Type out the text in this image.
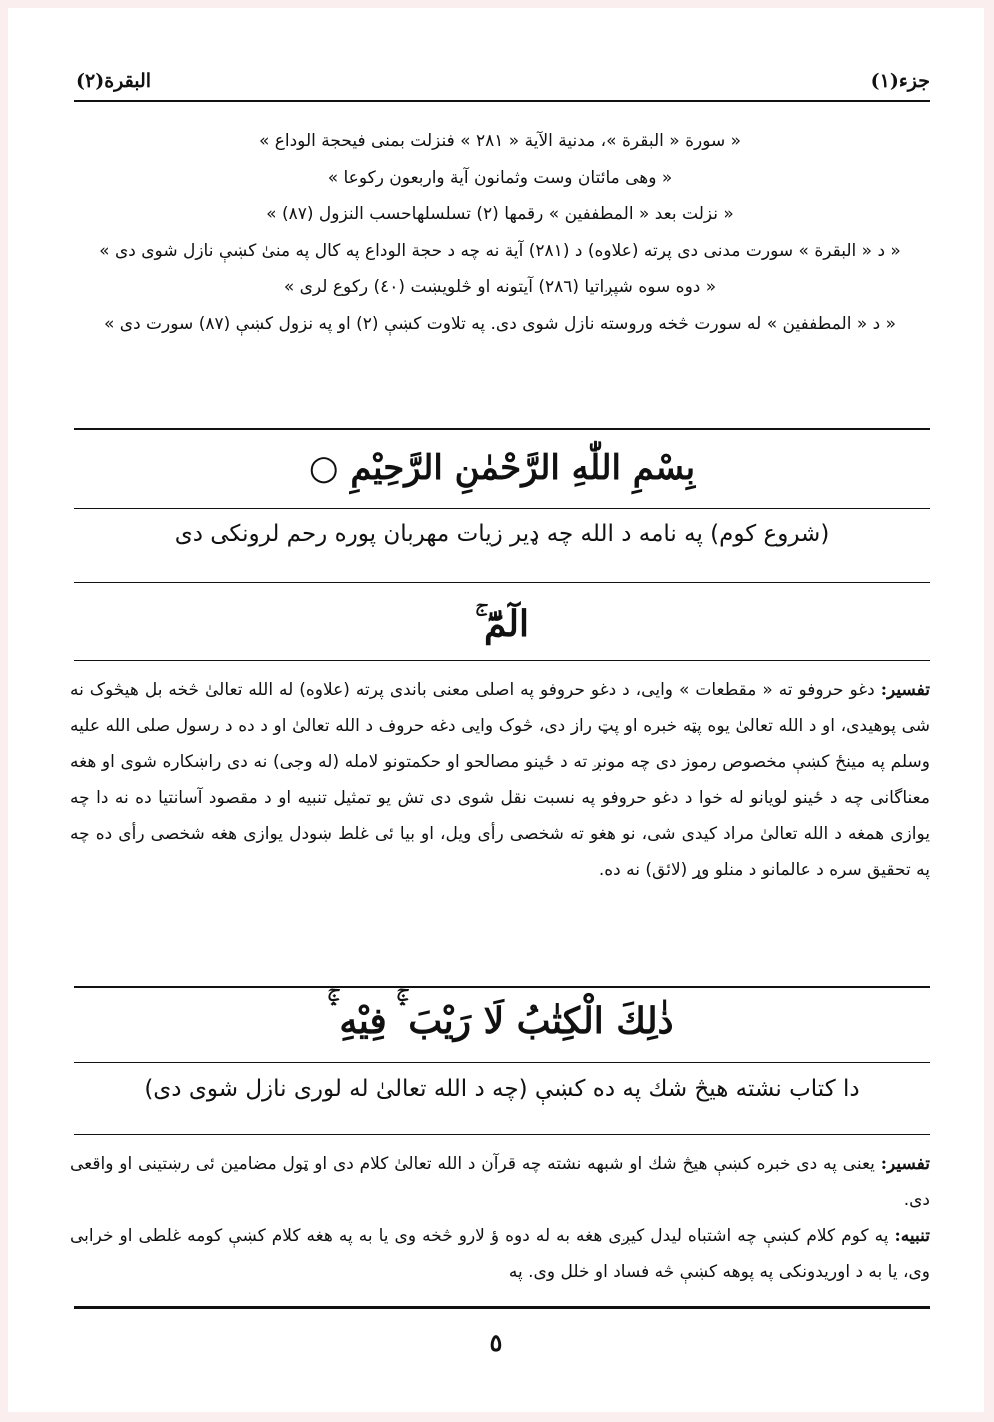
جزء(١)
البقرة(٢)

« سورة « البقرة »، مدنية الآية « ٢٨١ » فنزلت بمنى فيحجة الوداع »

« وهى مائتان وست وثمانون آية واربعون ركوعا »

« نزلت بعد « المطففين » رقمها (٢) تسلسلهاحسب النزول (٨٧) »

« د « البقرة » سورت مدنى دى پرته (علاوه) د (٢٨١) آية نه چه د حجة الوداع په كال په منیٰ كښې نازل شوى دى »

« دوه سوه شپږاتيا (٢٨٦) آيتونه او څلويښت (٤٠) ركوع لرى »

« د « المطففين » له سورت څخه وروسته نازل شوى دى. په تلاوت كښې (٢) او په نزول كښې (٨٧) سورت دى »

بِسْمِ اللّٰهِ الرَّحْمٰنِ الرَّحِيْمِ ○
(شروع كوم) په نامه د الله چه ډير زيات مهربان پوره رحم لرونكى دى
الٓمّٓ ۚ

تفسير: دغو حروفو ته « مقطعات » وايى، د دغو حروفو په اصلى معنى باندى پرته (علاوه) له الله تعالیٰ څخه بل هيڅوک نه شى پوهيدى، او د الله تعالیٰ يوه پټه خبره او پټ راز دى، څوک وايى دغه حروف د الله تعالیٰ او د ده د رسول صلى الله عليه وسلم په مينځ كښې مخصوص رموز دى چه مونږ ته د ځينو مصالحو او حكمتونو لامله (له وجى) نه دى راښكاره شوى او هغه معناگانى چه د ځينو لويانو له خوا د دغو حروفو په نسبت نقل شوى دى تش يو تمثيل تنبيه او د مقصود آسانتيا ده نه دا چه يوازى همغه د الله تعالیٰ مراد كيدى شى، نو هغو ته شخصى رأى ويل، او بيا ئى غلط ښودل يوازى هغه شخصى رأى ده چه په تحقيق سره د عالمانو د منلو وړ (لائق) نه ده.

ذٰلِكَ الْكِتٰبُ لَا رَيْبَ ۛۚ فِيْهِ ۛۚ
دا كتاب نشته هيڅ شك په ده كښې (چه د الله تعالیٰ له لورى نازل شوى دى)

تفسير: يعنى په دى خبره كښې هيڅ شك او شبهه نشته چه قرآن د الله تعالیٰ كلام دى او ټول مضامين ئى رښتينى او واقعى دى.

تنبيه: په كوم كلام كښې چه اشتباه ليدل كيږى هغه به له دوه ؤ لارو څخه وى يا به په هغه كلام كښې كومه غلطى او خرابى وى، يا به د اوريدونكى په پوهه كښې څه فساد او خلل وى. په

٥
